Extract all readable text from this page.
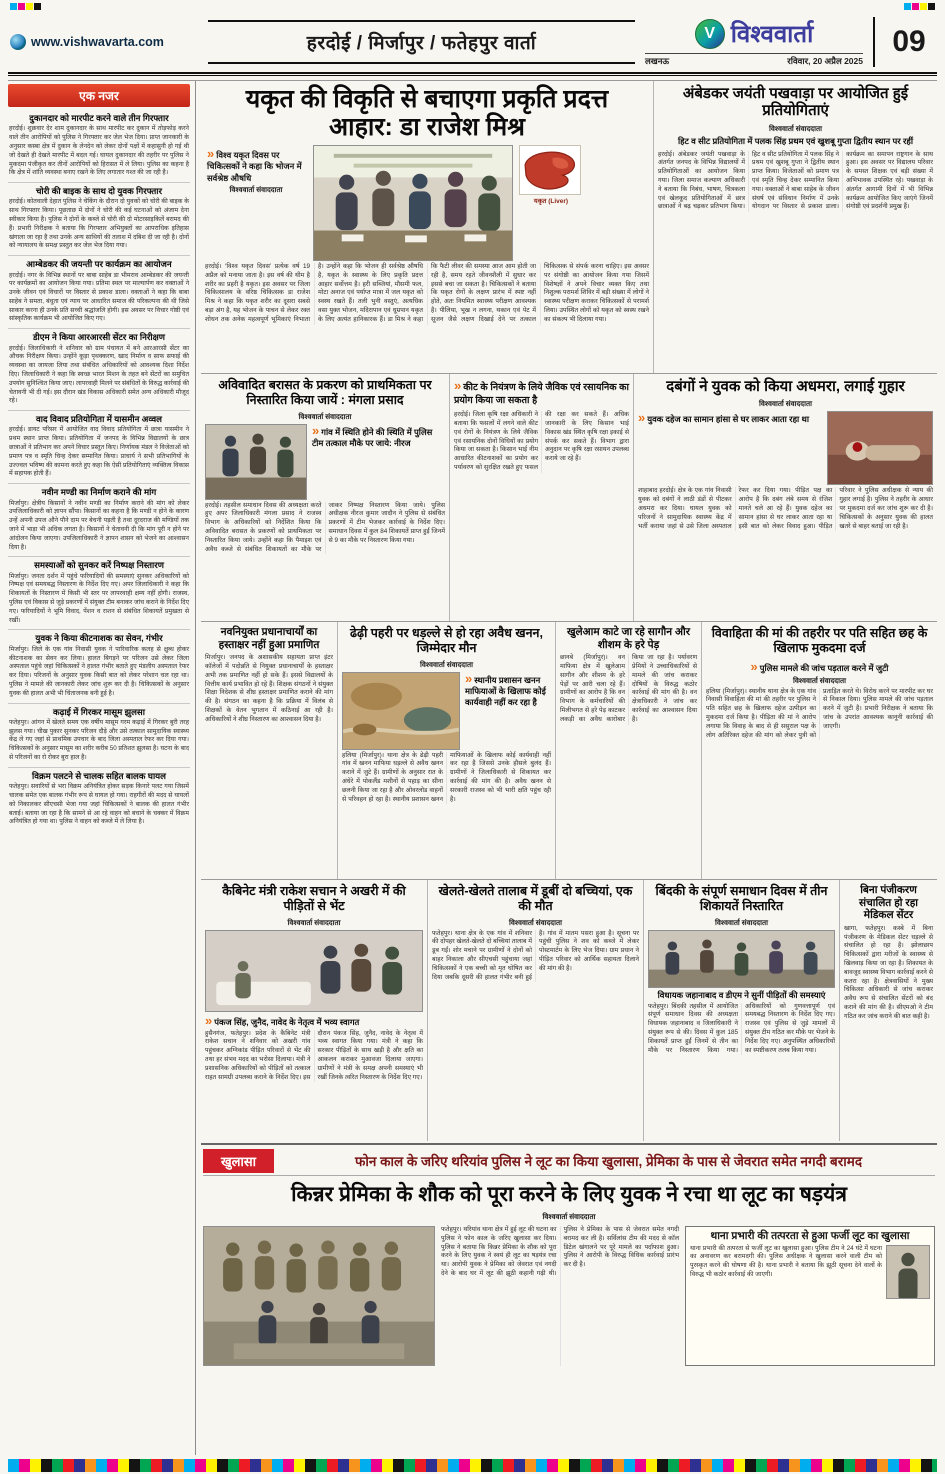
www.vishwavarta.com	हरदोई / मिर्जापुर / फतेहपुर वार्ता	V विश्ववार्ता
लखनऊ	रविवार, 20 अप्रैल 2025
09
एक नजर
दुकानदार को मारपीट करने वाले तीन गिरफ्तार
हरदोई। शुक्रवार देर शाम दुकानदार के साथ मारपीट कर दुकान में तोड़फोड़ करने वाले तीन आरोपियों को पुलिस ने गिरफ्तार कर जेल भेज दिया। प्राप्त जानकारी के अनुसार कस्बा क्षेत्र में दुकान के लेनदेन को लेकर दोनों पक्षों में कहासुनी हो गई थी जो देखते ही देखते मारपीट में बदल गई। घायल दुकानदार की तहरीर पर पुलिस ने मुकदमा पंजीकृत कर तीनों आरोपियों को हिरासत में ले लिया। पुलिस का कहना है कि क्षेत्र में शांति व्यवस्था बनाए रखने के लिए लगातार गश्त की जा रही है।
चोरी की बाइक के साथ दो युवक गिरफ्तार
हरदोई। कोतवाली देहात पुलिस ने चेकिंग के दौरान दो युवकों को चोरी की बाइक के साथ गिरफ्तार किया। पूछताछ में दोनों ने चोरी की कई घटनाओं को अंजाम देना स्वीकार किया है। पुलिस ने दोनों के कब्जे से चोरी की दो मोटरसाइकिलें बरामद की हैं। प्रभारी निरीक्षक ने बताया कि गिरफ्तार अभियुक्तों का आपराधिक इतिहास खंगाला जा रहा है तथा उनके अन्य साथियों की तलाश में दबिश दी जा रही है। दोनों को न्यायालय के समक्ष प्रस्तुत कर जेल भेज दिया गया।
आम्बेडकर की जयन्ती पर कार्यक्रम का आयोजन
हरदोई। नगर के विभिन्न स्थानों पर बाबा साहेब डा भीमराव आम्बेडकर की जयन्ती पर कार्यक्रमों का आयोजन किया गया। प्रतिमा स्थल पर माल्यार्पण कर वक्ताओं ने उनके जीवन एवं विचारों पर विस्तार से प्रकाश डाला। वक्ताओं ने कहा कि बाबा साहेब ने समता, बंधुता एवं न्याय पर आधारित समाज की परिकल्पना की थी जिसे साकार करना ही उनके प्रति सच्ची श्रद्धांजलि होगी। इस अवसर पर विचार गोष्ठी एवं सांस्कृतिक कार्यक्रम भी आयोजित किए गए।
डीएम ने किया आरआरसी सेंटर का निरीक्षण
हरदोई। जिलाधिकारी ने शनिवार को ग्राम पंचायत में बने आरआरसी सेंटर का औचक निरीक्षण किया। उन्होंने कूड़ा पृथक्करण, खाद निर्माण व साफ सफाई की व्यवस्था का जायजा लिया तथा संबंधित अधिकारियों को आवश्यक दिशा निर्देश दिए। जिलाधिकारी ने कहा कि स्वच्छ भारत मिशन के तहत बने सेंटरों का समुचित उपयोग सुनिश्चित किया जाए। लापरवाही मिलने पर संबंधितों के विरुद्ध कार्रवाई की चेतावनी भी दी गई। इस दौरान खंड विकास अधिकारी समेत अन्य अधिकारी मौजूद रहे।
वाद विवाद प्रतियोगिता में यासमीन अव्वल
हरदोई। डायट परिसर में आयोजित वाद विवाद प्रतियोगिता में छात्रा यासमीन ने प्रथम स्थान प्राप्त किया। प्रतियोगिता में जनपद के विभिन्न विद्यालयों के छात्र छात्राओं ने प्रतिभाग कर अपने विचार प्रस्तुत किए। निर्णायक मंडल ने विजेताओं को प्रमाण पत्र व स्मृति चिन्ह देकर सम्मानित किया। प्राचार्य ने सभी प्रतिभागियों के उज्ज्वल भविष्य की कामना करते हुए कहा कि ऐसी प्रतियोगिताएं व्यक्तित्व विकास में सहायक होती हैं।
नवीन मण्डी का निर्माण कराने की मांग
मिर्जापुर। क्षेत्रीय किसानों ने नवीन मण्डी का निर्माण कराने की मांग को लेकर उपजिलाधिकारी को ज्ञापन सौंपा। किसानों का कहना है कि मण्डी न होने के कारण उन्हें अपनी उपज औने पौने दाम पर बेचनी पड़ती है तथा दूरदराज की मण्डियों तक जाने में भाड़ा भी अधिक लगता है। किसानों ने चेतावनी दी कि मांग पूरी न होने पर आंदोलन किया जाएगा। उपजिलाधिकारी ने ज्ञापन शासन को भेजने का आश्वासन दिया है।
समस्याओं को सुनकर करें निष्पक्ष निस्तारण
मिर्जापुर। जनता दर्शन में पहुंचे फरियादियों की समस्याएं सुनकर अधिकारियों को निष्पक्ष एवं समयबद्ध निस्तारण के निर्देश दिए गए। अपर जिलाधिकारी ने कहा कि शिकायतों के निस्तारण में किसी भी स्तर पर लापरवाही क्षम्य नहीं होगी। राजस्व, पुलिस एवं विकास से जुड़े प्रकरणों में संयुक्त टीम बनाकर जांच कराने के निर्देश दिए गए। फरियादियों ने भूमि विवाद, पेंशन व राशन से संबंधित शिकायतें प्रमुखता से रखीं।
युवक ने किया कीटनाशक का सेवन, गंभीर
मिर्जापुर। जिले के एक गांव निवासी युवक ने पारिवारिक कलह से क्षुब्ध होकर कीटनाशक का सेवन कर लिया। हालत बिगड़ने पर परिजन उसे लेकर जिला अस्पताल पहुंचे जहां चिकित्सकों ने हालत गंभीर बताते हुए मंडलीय अस्पताल रेफर कर दिया। परिजनों के अनुसार युवक किसी बात को लेकर परेशान चल रहा था। पुलिस ने मामले की जानकारी लेकर जांच शुरू कर दी है। चिकित्सकों के अनुसार युवक की हालत अभी भी चिंताजनक बनी हुई है।
कढ़ाई में गिरकर मासूम झुलसा
फतेहपुर। आंगन में खेलते समय एक वर्षीय मासूम गरम कढ़ाई में गिरकर बुरी तरह झुलस गया। चीख पुकार सुनकर परिजन दौड़े और उसे तत्काल सामुदायिक स्वास्थ्य केंद्र ले गए जहां से प्राथमिक उपचार के बाद जिला अस्पताल रेफर कर दिया गया। चिकित्सकों के अनुसार मासूम का शरीर करीब 50 प्रतिशत झुलसा है। घटना के बाद से परिजनों का रो रोकर बुरा हाल है।
विक्रम पलटने से चालक सहित बालक घायल
फतेहपुर। सवारियों से भरा विक्रम अनियंत्रित होकर सड़क किनारे पलट गया जिसमें चालक समेत एक बालक गंभीर रूप से घायल हो गया। राहगीरों की मदद से घायलों को निकालकर सीएचसी भेजा गया जहां चिकित्सकों ने बालक की हालत गंभीर बताई। बताया जा रहा है कि सामने से आ रहे वाहन को बचाने के चक्कर में विक्रम अनियंत्रित हो गया था। पुलिस ने वाहन को कब्जे में ले लिया है।
यकृत की विकृति से बचाएगा प्रकृति प्रदत्त आहार: डा राजेश मिश्र
» विश्व यकृत दिवस पर चिकित्सकों ने कहा कि भोजन में सर्वश्रेष्ठ औषधि
विश्ववार्ता संवाददाता
यकृत (Liver)
हरदोई। ‘विश्व यकृत दिवस’ प्रत्येक वर्ष 19 अप्रैल को मनाया जाता है। इस वर्ष की थीम है शरीर का प्रहरी है यकृत। इस अवसर पर जिला चिकित्सालय के वरिष्ठ चिकित्सक डा राजेश मिश्र ने कहा कि यकृत शरीर का दूसरा सबसे बड़ा अंग है, यह भोजन के पाचन से लेकर रक्त शोधन तक अनेक महत्वपूर्ण भूमिकाएं निभाता है। उन्होंने कहा कि भोजन ही सर्वश्रेष्ठ औषधि है, यकृत के स्वास्थ्य के लिए प्रकृति प्रदत्त आहार सर्वोत्तम है। हरी सब्जियां, मौसमी फल, मोटा अनाज एवं पर्याप्त मात्रा में जल यकृत को स्वस्थ रखते हैं। तली भुनी वस्तुएं, अत्यधिक वसा युक्त भोजन, मदिरापान एवं धूम्रपान यकृत के लिए अत्यंत हानिकारक हैं। डा मिश्र ने कहा कि फैटी लीवर की समस्या आज आम होती जा रही है, समय रहते जीवनशैली में सुधार कर इससे बचा जा सकता है। चिकित्सकों ने बताया कि यकृत रोगों के लक्षण प्रारंभ में स्पष्ट नहीं होते, अतः नियमित स्वास्थ्य परीक्षण आवश्यक है। पीलिया, भूख न लगना, थकान एवं पेट में सूजन जैसे लक्षण दिखाई देने पर तत्काल चिकित्सक से संपर्क करना चाहिए। इस अवसर पर संगोष्ठी का आयोजन किया गया जिसमें विशेषज्ञों ने अपने विचार व्यक्त किए तथा निशुल्क परामर्श शिविर में बड़ी संख्या में लोगों ने स्वास्थ्य परीक्षण कराकर चिकित्सकों से परामर्श लिया। उपस्थित लोगों को यकृत को स्वस्थ रखने का संकल्प भी दिलाया गया।
अंबेडकर जयंती पखवाड़ा पर आयोजित हुई प्रतियोगिताएं
विश्ववार्ता संवाददाता
हिट व सीट प्रतियोगिता में पलक सिंह प्रथम एवं खुशबू गुप्ता द्वितीय स्थान पर रहीं
हरदोई। अंबेडकर जयंती पखवाड़ा के अंतर्गत जनपद के विभिन्न विद्यालयों में प्रतियोगिताओं का आयोजन किया गया। जिला समाज कल्याण अधिकारी ने बताया कि निबंध, भाषण, चित्रकला एवं खेलकूद प्रतियोगिताओं में छात्र छात्राओं ने बढ़ चढ़कर प्रतिभाग किया। हिट व सीट प्रतियोगिता में पलक सिंह ने प्रथम एवं खुशबू गुप्ता ने द्वितीय स्थान प्राप्त किया। विजेताओं को प्रमाण पत्र एवं स्मृति चिन्ह देकर सम्मानित किया गया। वक्ताओं ने बाबा साहेब के जीवन संघर्ष एवं संविधान निर्माण में उनके योगदान पर विस्तार से प्रकाश डाला। कार्यक्रम का समापन राष्ट्रगान के साथ हुआ। इस अवसर पर विद्यालय परिवार के समस्त शिक्षक एवं बड़ी संख्या में अभिभावक उपस्थित रहे। पखवाड़ा के अंतर्गत आगामी दिनों में भी विभिन्न कार्यक्रम आयोजित किए जाएंगे जिनमें संगोष्ठी एवं प्रदर्शनी प्रमुख हैं।
अविवादित बरासत के प्रकरण को प्राथमिकता पर निस्तारित किया जायें : मंगला प्रसाद
विश्ववार्ता संवाददाता
» गांव में स्थिति होने की स्थिति में पुलिस टीम तत्काल मौके पर जाये: नीरज
हरदोई। तहसील समाधान दिवस की अध्यक्षता करते हुए अपर जिलाधिकारी मंगला प्रसाद ने राजस्व विभाग के अधिकारियों को निर्देशित किया कि अविवादित बरासत के प्रकरणों को प्राथमिकता पर निस्तारित किया जाये। उन्होंने कहा कि पैमाइश एवं अवैध कब्जे से संबंधित शिकायतों का मौके पर जाकर निष्पक्ष निस्तारण किया जाये। पुलिस अधीक्षक नीरज कुमार जादौन ने पुलिस से संबंधित प्रकरणों में टीम भेजकर कार्रवाई के निर्देश दिए। समाधान दिवस में कुल 84 शिकायतें प्राप्त हुईं जिनमें से 9 का मौके पर निस्तारण किया गया।
» कीट के नियंत्रण के लिये जैविक एवं रसायनिक का प्रयोग किया जा सकता है
हरदोई। जिला कृषि रक्षा अधिकारी ने बताया कि फसलों में लगने वाले कीट एवं रोगों के नियंत्रण के लिये जैविक एवं रसायनिक दोनों विधियों का प्रयोग किया जा सकता है। किसान भाई नीम आधारित कीटनाशकों का प्रयोग कर पर्यावरण को सुरक्षित रखते हुए फसल की रक्षा कर सकते हैं। अधिक जानकारी के लिए किसान भाई विकास खंड स्थित कृषि रक्षा इकाई से संपर्क कर सकते हैं। विभाग द्वारा अनुदान पर कृषि रक्षा रसायन उपलब्ध कराये जा रहे हैं।
दबंगों ने युवक को किया अधमरा, लगाई गुहार
विश्ववार्ता संवाददाता
» युवक दहेज का सामान हांसा से घर लाकर आता रहा था
शाहाबाद हरदोई। क्षेत्र के एक गांव निवासी युवक को दबंगों ने लाठी डंडों से पीटकर अधमरा कर दिया। घायल युवक को परिजनों ने सामुदायिक स्वास्थ्य केंद्र में भर्ती कराया जहां से उसे जिला अस्पताल रेफर कर दिया गया। पीड़ित पक्ष का आरोप है कि दबंग लंबे समय से रंजिश मानते चले आ रहे हैं। युवक दहेज का सामान हांसा से घर लाकर आता रहा था इसी बात को लेकर विवाद हुआ। पीड़ित परिवार ने पुलिस अधीक्षक से न्याय की गुहार लगाई है। पुलिस ने तहरीर के आधार पर मुकदमा दर्ज कर जांच शुरू कर दी है। चिकित्सकों के अनुसार युवक की हालत खतरे से बाहर बताई जा रही है।
नवनियुक्त प्रधानाचार्यों का हस्ताक्षर नहीं हुआ प्रमाणित
मिर्जापुर। जनपद के अशासकीय सहायता प्राप्त इंटर कॉलेजों में पदोन्नति से नियुक्त प्रधानाचार्यों के हस्ताक्षर अभी तक प्रमाणित नहीं हो सके हैं। इससे विद्यालयों के वित्तीय कार्य प्रभावित हो रहे हैं। शिक्षक संगठनों ने संयुक्त शिक्षा निदेशक से शीघ्र हस्ताक्षर प्रमाणित कराने की मांग की है। संगठन का कहना है कि प्रक्रिया में विलंब से शिक्षकों के वेतन भुगतान में कठिनाई आ रही है। अधिकारियों ने शीघ्र निस्तारण का आश्वासन दिया है।
ढेढ़ी पहरी पर धड़ल्ले से हो रहा अवैध खनन, जिम्मेदार मौन
विश्ववार्ता संवाददाता
» स्थानीय प्रशासन खनन माफियाओं के खिलाफ कोई कार्यवाही नहीं कर रहा है
हलिया (मिर्जापुर)। थाना क्षेत्र के ढेढ़ी पहरी गांव में खनन माफिया धड़ल्ले से अवैध खनन कराने में जुटे हैं। ग्रामीणों के अनुसार रात के अंधेरे में पोकलैंड मशीनों से पहाड़ का सीना छलनी किया जा रहा है और ओवरलोड वाहनों से परिवहन हो रहा है। स्थानीय प्रशासन खनन माफियाओं के खिलाफ कोई कार्यवाही नहीं कर रहा है जिससे उनके हौसले बुलंद हैं। ग्रामीणों ने जिलाधिकारी से शिकायत कर कार्रवाई की मांग की है। अवैध खनन से सरकारी राजस्व को भी भारी क्षति पहुंच रही है।
खुलेआम काटे जा रहे सागौन और शीशम के हरे पेड़
छानबे (मिर्जापुर)। वन माफिया क्षेत्र में खुलेआम सागौन और शीशम के हरे पेड़ों पर आरी चला रहे हैं। ग्रामीणों का आरोप है कि वन विभाग के कर्मचारियों की मिलीभगत से हरे पेड़ काटकर लकड़ी का अवैध कारोबार किया जा रहा है। पर्यावरण प्रेमियों ने उच्चाधिकारियों से मामले की जांच कराकर दोषियों के विरुद्ध कठोर कार्रवाई की मांग की है। वन क्षेत्राधिकारी ने जांच कर कार्रवाई का आश्वासन दिया है।
विवाहिता की मां की तहरीर पर पति सहित छह के खिलाफ मुकदमा दर्ज
» पुलिस मामले की जांच पड़ताल करने में जुटी
विश्ववार्ता संवाददाता
हलिया (मिर्जापुर)। स्थानीय थाना क्षेत्र के एक गांव निवासी विवाहिता की मां की तहरीर पर पुलिस ने पति सहित छह के खिलाफ दहेज उत्पीड़न का मुकदमा दर्ज किया है। पीड़िता की मां ने आरोप लगाया कि विवाह के बाद से ही ससुराल पक्ष के लोग अतिरिक्त दहेज की मांग को लेकर पुत्री को प्रताड़ित करते थे। विरोध करने पर मारपीट कर घर से निकाल दिया। पुलिस मामले की जांच पड़ताल करने में जुटी है। प्रभारी निरीक्षक ने बताया कि जांच के उपरांत आवश्यक कानूनी कार्रवाई की जाएगी।
कैबिनेट मंत्री राकेश सचान ने अखरी में की पीड़ितों से भेंट
विश्ववार्ता संवाददाता
» पंकज सिंह, जुनैद, नावेद के नेतृत्व में भव्य स्वागत
हुसैनगंज, फतेहपुर। प्रदेश के कैबिनेट मंत्री राकेश सचान ने शनिवार को अखरी गांव पहुंचकर अग्निकांड पीड़ित परिवारों से भेंट की तथा हर संभव मदद का भरोसा दिलाया। मंत्री ने प्रशासनिक अधिकारियों को पीड़ितों को तत्काल राहत सामग्री उपलब्ध कराने के निर्देश दिए। इस दौरान पंकज सिंह, जुनैद, नावेद के नेतृत्व में भव्य स्वागत किया गया। मंत्री ने कहा कि सरकार पीड़ितों के साथ खड़ी है और क्षति का आकलन कराकर मुआवजा दिलाया जाएगा। ग्रामीणों ने मंत्री के समक्ष अपनी समस्याएं भी रखीं जिनके त्वरित निस्तारण के निर्देश दिए गए।
खेलते-खेलते तालाब में डूबीं दो बच्चियां, एक की मौत
विश्ववार्ता संवाददाता
फतेहपुर। थाना क्षेत्र के एक गांव में शनिवार की दोपहर खेलते-खेलते दो बच्चियां तालाब में डूब गईं। शोर मचाने पर ग्रामीणों ने दोनों को बाहर निकाला और सीएचसी पहुंचाया जहां चिकित्सकों ने एक बच्ची को मृत घोषित कर दिया जबकि दूसरी की हालत गंभीर बनी हुई है। गांव में मातम पसरा हुआ है। सूचना पर पहुंची पुलिस ने शव को कब्जे में लेकर पोस्टमार्टम के लिए भेज दिया। ग्राम प्रधान ने पीड़ित परिवार को आर्थिक सहायता दिलाने की मांग की है।
बिंदकी के संपूर्ण समाधान दिवस में तीन शिकायतें निस्तारित
विश्ववार्ता संवाददाता
विधायक जहानाबाद व डीएम ने सुनीं पीड़ितों की समस्याएं
फतेहपुर। बिंदकी तहसील में आयोजित संपूर्ण समाधान दिवस की अध्यक्षता विधायक जहानाबाद व जिलाधिकारी ने संयुक्त रूप से की। दिवस में कुल 185 शिकायतें प्राप्त हुईं जिनमें से तीन का मौके पर निस्तारण किया गया। अधिकारियों को गुणवत्तापूर्ण एवं समयबद्ध निस्तारण के निर्देश दिए गए। राजस्व एवं पुलिस से जुड़े मामलों में संयुक्त टीम गठित कर मौके पर भेजने के निर्देश दिए गए। अनुपस्थित अधिकारियों का स्पष्टीकरण तलब किया गया।
बिना पंजीकरण संचालित हो रहा मेडिकल सेंटर
खागा, फतेहपुर। कस्बे में बिना पंजीकरण के मेडिकल सेंटर धड़ल्ले से संचालित हो रहा है। झोलाछाप चिकित्सकों द्वारा मरीजों के स्वास्थ्य से खिलवाड़ किया जा रहा है। शिकायत के बावजूद स्वास्थ्य विभाग कार्रवाई करने से कतरा रहा है। क्षेत्रवासियों ने मुख्य चिकित्सा अधिकारी से जांच कराकर अवैध रूप से संचालित सेंटरों को बंद कराने की मांग की है। सीएमओ ने टीम गठित कर जांच कराने की बात कही है।
खुलासा	फोन काल के जरिए थरियांव पुलिस ने लूट का किया खुलासा, प्रेमिका के पास से जेवरात समेत नगदी बरामद
किन्नर प्रेमिका के शौक को पूरा करने के लिए युवक ने रचा था लूट का षड़यंत्र
विश्ववार्ता संवाददाता
फतेहपुर। थरियांव थाना क्षेत्र में हुई लूट की घटना का पुलिस ने फोन काल के जरिए खुलासा कर दिया। पुलिस ने बताया कि किन्नर प्रेमिका के शौक को पूरा करने के लिए युवक ने स्वयं ही लूट का षड़यंत्र रचा था। आरोपी युवक ने प्रेमिका को जेवरात एवं नगदी देने के बाद घर में लूट की झूठी कहानी गढ़ी थी। पुलिस ने प्रेमिका के पास से जेवरात समेत नगदी बरामद कर ली है। सर्विलांस टीम की मदद से कॉल डिटेल खंगालने पर पूरे मामले का पर्दाफाश हुआ। पुलिस ने आरोपी के विरुद्ध विधिक कार्रवाई प्रारंभ कर दी है।
थाना प्रभारी की तत्परता से हुआ फर्जी लूट का खुलासा
थाना प्रभारी की तत्परता से फर्जी लूट का खुलासा हुआ। पुलिस टीम ने 24 घंटे में घटना का अनावरण कर बरामदगी की। पुलिस अधीक्षक ने खुलासा करने वाली टीम को पुरस्कृत करने की घोषणा की है। थाना प्रभारी ने बताया कि झूठी सूचना देने वालों के विरुद्ध भी कठोर कार्रवाई की जाएगी।
